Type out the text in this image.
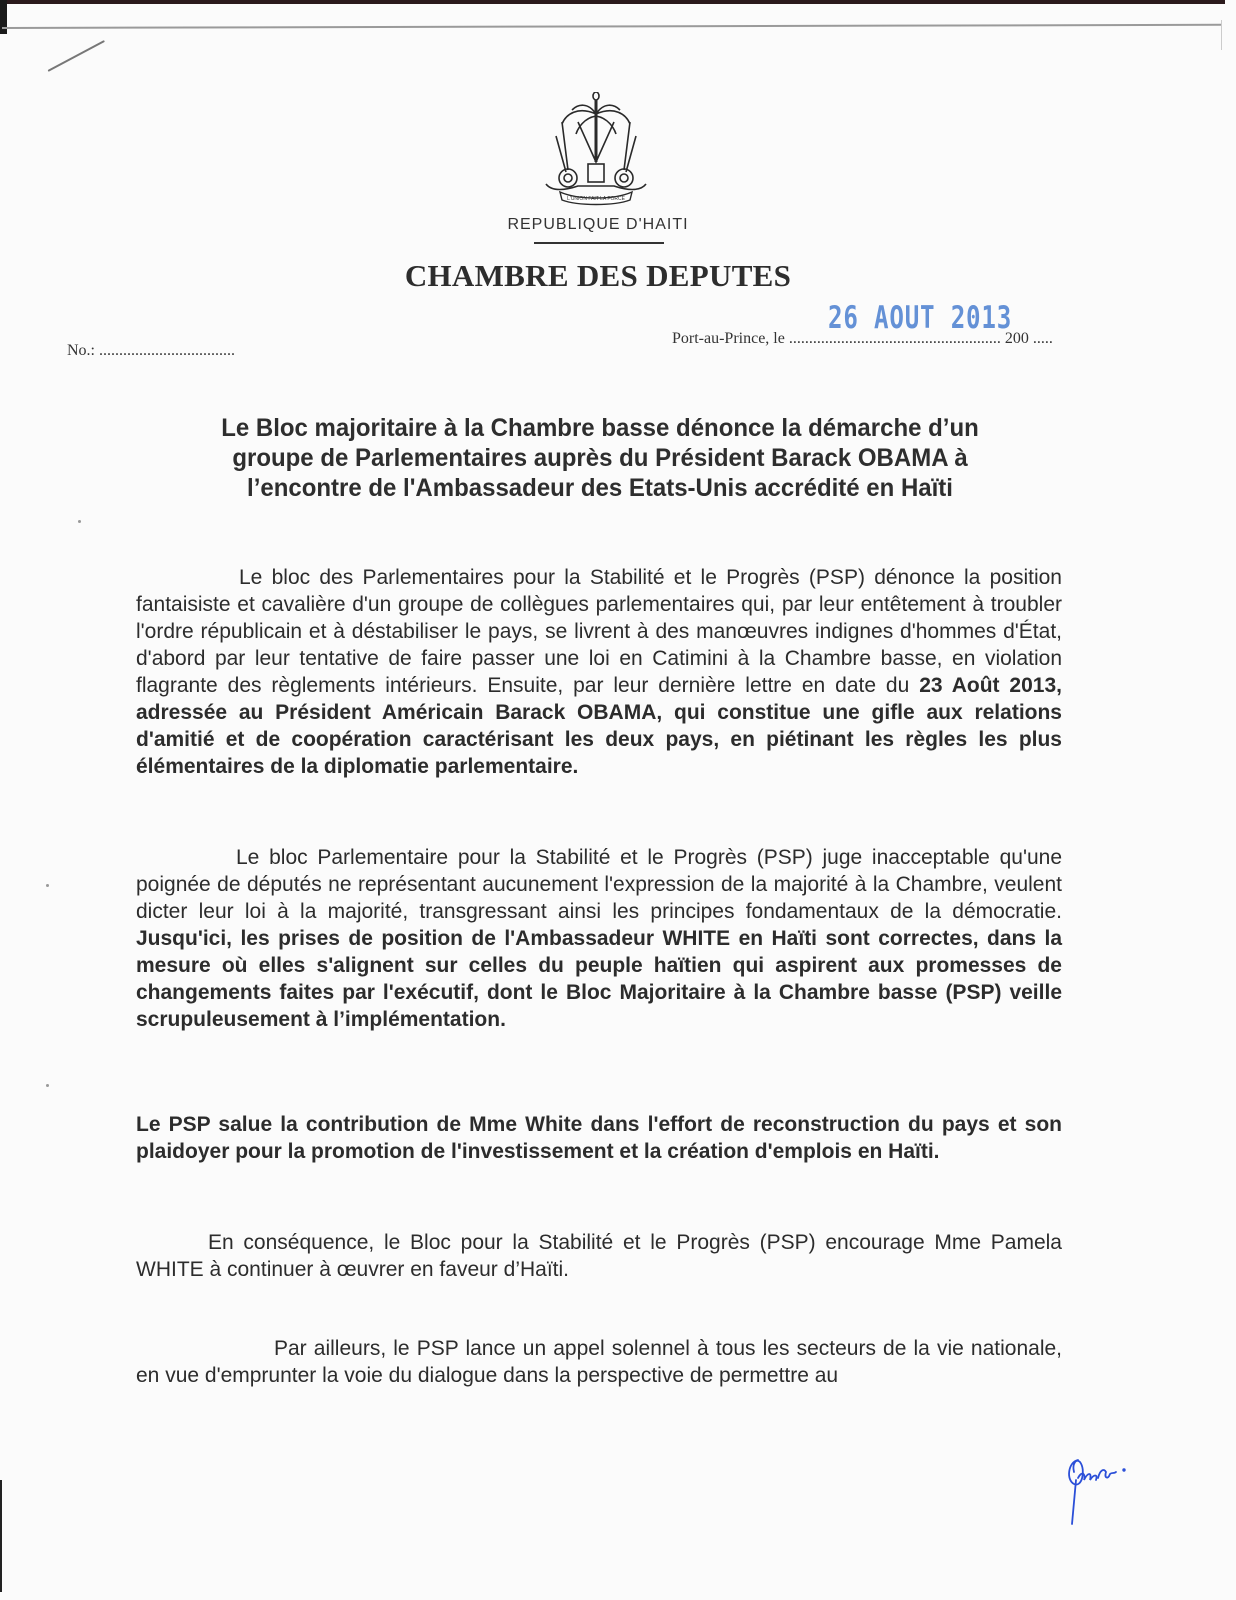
L'UNION FAIT LA FORCE
REPUBLIQUE D'HAITI
CHAMBRE DES DEPUTES
No.: ..................................
Port-au-Prince, le ..................................................... 200 .....
26 AOUT 2013
Le Bloc majoritaire à la Chambre basse dénonce la démarche d’un
groupe de Parlementaires auprès du Président Barack OBAMA à
l’encontre de l'Ambassadeur des Etats-Unis accrédité en Haïti
Le bloc des Parlementaires pour la Stabilité et le Progrès (PSP) dénonce la position fantaisiste et cavalière d'un groupe de collègues parlementaires qui, par leur entêtement à troubler l'ordre républicain et à déstabiliser le pays, se livrent à des manœuvres indignes d'hommes d'État, d'abord par leur tentative de faire passer une loi en Catimini à la Chambre basse, en violation flagrante des règlements intérieurs. Ensuite, par leur dernière lettre en date du 23 Août 2013, adressée au Président Américain Barack OBAMA, qui constitue une gifle aux relations d'amitié et de coopération caractérisant les deux pays, en piétinant les règles les plus élémentaires de la diplomatie parlementaire.
Le bloc Parlementaire pour la Stabilité et le Progrès (PSP) juge inacceptable qu'une poignée de députés ne représentant aucunement l'expression de la majorité à la Chambre, veulent dicter leur loi à la majorité, transgressant ainsi les principes fondamentaux de la démocratie. Jusqu'ici, les prises de position de l'Ambassadeur WHITE en Haïti sont correctes, dans la mesure où elles s'alignent sur celles du peuple haïtien qui aspirent aux promesses de changements faites par l'exécutif, dont le Bloc Majoritaire à la Chambre basse (PSP) veille scrupuleusement à l’implémentation.
Le PSP salue la contribution de Mme White dans l'effort de reconstruction du pays et son plaidoyer pour la promotion de l'investissement et la création d'emplois en Haïti.
En conséquence, le Bloc pour la Stabilité et le Progrès (PSP) encourage Mme Pamela WHITE à continuer à œuvrer en faveur d’Haïti.
Par ailleurs, le PSP lance un appel solennel à tous les secteurs de la vie nationale, en vue d'emprunter la voie du dialogue dans la perspective de permettre au
